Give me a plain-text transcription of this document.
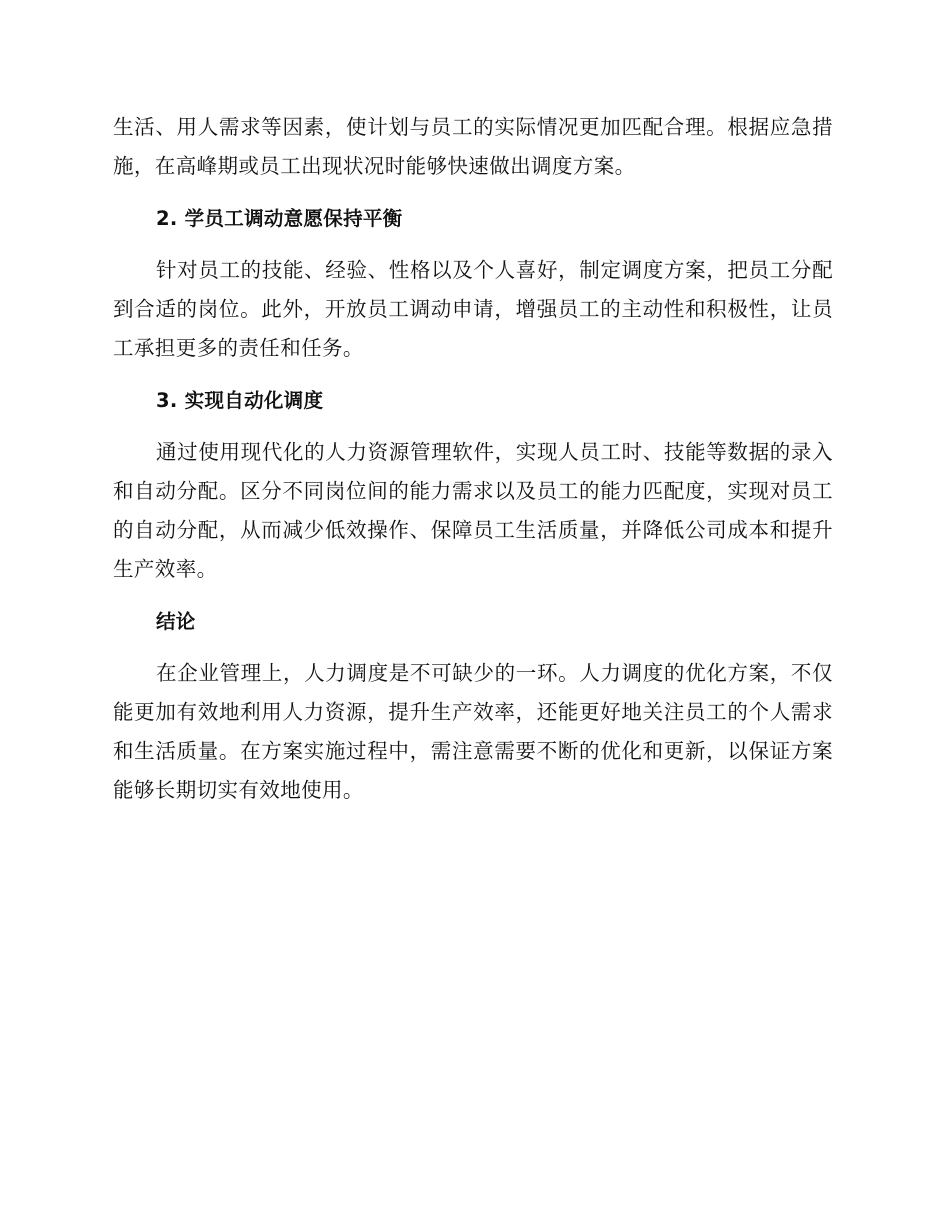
生活、用人需求等因素，使计划与员工的实际情况更加匹配合理。根据应急措施，在高峰期或员工出现状况时能够快速做出调度方案。

2. 学员工调动意愿保持平衡

针对员工的技能、经验、性格以及个人喜好，制定调度方案，把员工分配到合适的岗位。此外，开放员工调动申请，增强员工的主动性和积极性，让员工承担更多的责任和任务。

3. 实现自动化调度

通过使用现代化的人力资源管理软件，实现人员工时、技能等数据的录入和自动分配。区分不同岗位间的能力需求以及员工的能力匹配度，实现对员工的自动分配，从而减少低效操作、保障员工生活质量，并降低公司成本和提升生产效率。

结论

在企业管理上，人力调度是不可缺少的一环。人力调度的优化方案，不仅能更加有效地利用人力资源，提升生产效率，还能更好地关注员工的个人需求和生活质量。在方案实施过程中，需注意需要不断的优化和更新，以保证方案能够长期切实有效地使用。
